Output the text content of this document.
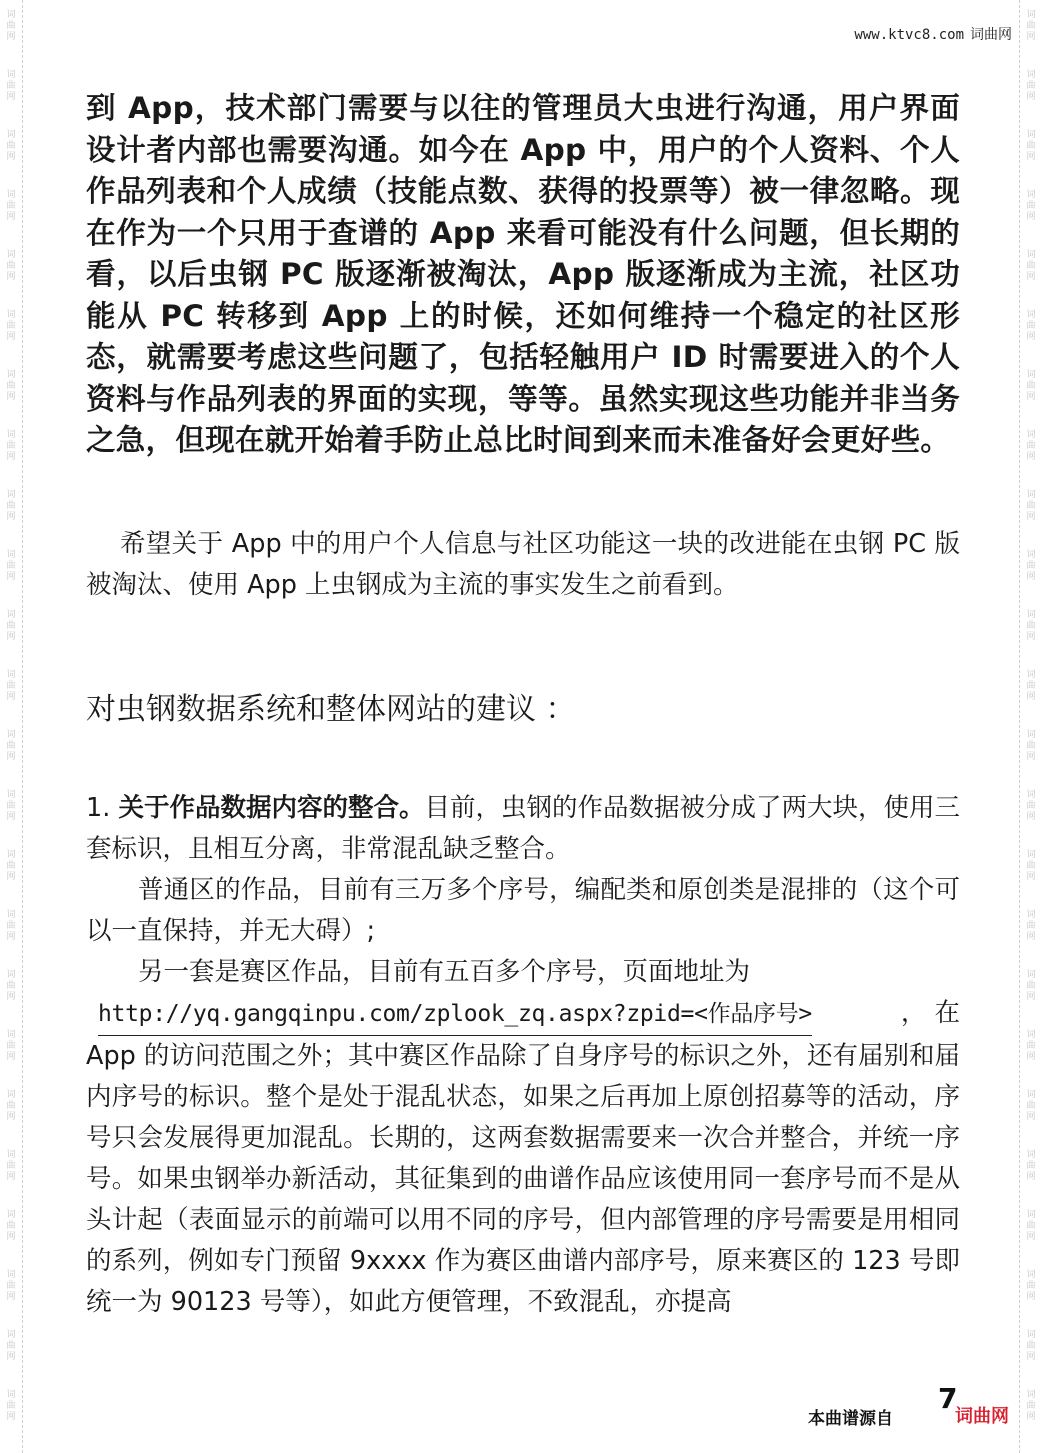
词
曲
网
词
曲
网
词
曲
网
词
曲
网
词
曲
网
词
曲
网
词
曲
网
词
曲
网
词
曲
网
词
曲
网
词
曲
网
词
曲
网
词
曲
网
词
曲
网
词
曲
网
词
曲
网
词
曲
网
词
曲
网
词
曲
网
词
曲
网
词
曲
网
词
曲
网
词
曲
网
词
曲
网
词
曲
网
词
曲
网
词
曲
网
词
曲
网
词
曲
网
词
曲
网
词
曲
网
词
曲
网
词
曲
网
词
曲
网
词
曲
网
词
曲
网
词
曲
网
词
曲
网
词
曲
网
词
曲
网
词
曲
网
词
曲
网
词
曲
网
词
曲
网
词
曲
网
词
曲
网
词
曲
网
词
曲
网
www.ktvc8.com 词曲网

到 App，技术部门需要与以往的管理员大虫进行沟通，用户界面设计者内部也需要沟通。如今在 App 中，用户的个人资料、个人作品列表和个人成绩（技能点数、获得的投票等）被一律忽略。现在作为一个只用于查谱的 App 来看可能没有什么问题，但长期的看，以后虫钢 PC 版逐渐被淘汰，App 版逐渐成为主流，社区功能从 PC 转移到 App 上的时候，还如何维持一个稳定的社区形态，就需要考虑这些问题了，包括轻触用户 ID 时需要进入的个人资料与作品列表的界面的实现，等等。虽然实现这些功能并非当务之急，但现在就开始着手防止总比时间到来而未准备好会更好些。

希望关于 App 中的用户个人信息与社区功能这一块的改进能在虫钢 PC 版被淘汰、使用 App 上虫钢成为主流的事实发生之前看到。

对虫钢数据系统和整体网站的建议 ：

1. 关于作品数据内容的整合。目前，虫钢的作品数据被分成了两大块，使用三套标识，且相互分离，非常混乱缺乏整合。

普通区的作品，目前有三万多个序号，编配类和原创类是混排的（这个可以一直保持，并无大碍）;

另一套是赛区作品，目前有五百多个序号，页面地址为

http://yq.gangqinpu.com/zplook_zq.aspx?zpid=<作品序号>	， 在

App 的访问范围之外；其中赛区作品除了自身序号的标识之外，还有届别和届内序号的标识。整个是处于混乱状态，如果之后再加上原创招募等的活动，序号只会发展得更加混乱。长期的，这两套数据需要来一次合并整合，并统一序号。如果虫钢举办新活动，其征集到的曲谱作品应该使用同一套序号而不是从头计起（表面显示的前端可以用不同的序号，但内部管理的序号需要是用相同的系列，例如专门预留 9xxxx 作为赛区曲谱内部序号，原来赛区的 123 号即统一为 90123 号等），如此方便管理，不致混乱，亦提高

7
本曲谱源自	词曲网
